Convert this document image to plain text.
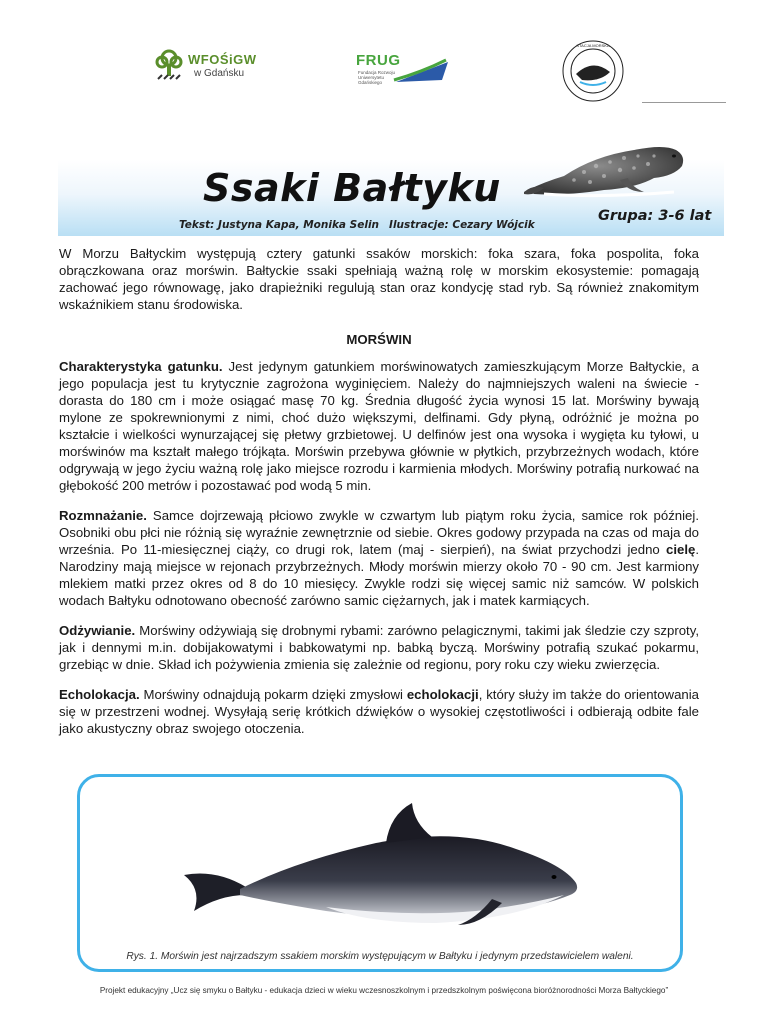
WFOŚiGW
w Gdańsku
FRUG
Fundacja Rozwoju Uniwersytetu Gdańskiego
STACJA MORSKA
Ssaki Bałtyku
Tekst: Justyna Kapa, Monika Selin Ilustracje: Cezary Wójcik
Grupa: 3-6 lat

W Morzu Bałtyckim występują cztery gatunki ssaków morskich: foka szara, foka pospolita, foka obrączkowana oraz morświn. Bałtyckie ssaki spełniają ważną rolę w morskim ekosystemie: pomagają zachować jego równowagę, jako drapieżniki regulują stan oraz kondycję stad ryb. Są również znakomitym wskaźnikiem stanu środowiska.

MORŚWIN

Charakterystyka gatunku. Jest jedynym gatunkiem morświnowatych zamieszkującym Morze Bałtyckie, a jego populacja jest tu krytycznie zagrożona wyginięciem. Należy do najmniejszych waleni na świecie - dorasta do 180 cm i może osiągać masę 70 kg. Średnia długość życia wynosi 15 lat. Morświny bywają mylone ze spokrewnionymi z nimi, choć dużo większymi, delfinami. Gdy płyną, odróżnić je można po kształcie i wielkości wynurzającej się płetwy grzbietowej. U delfinów jest ona wysoka i wygięta ku tyłowi, u morświnów ma kształt małego trójkąta. Morświn przebywa głównie w płytkich, przybrzeżnych wodach, które odgrywają w jego życiu ważną rolę jako miejsce rozrodu i karmienia młodych. Morświny potrafią nurkować na głębokość 200 metrów i pozostawać pod wodą 5 min.

Rozmnażanie. Samce dojrzewają płciowo zwykle w czwartym lub piątym roku życia, samice rok później. Osobniki obu płci nie różnią się wyraźnie zewnętrznie od siebie. Okres godowy przypada na czas od maja do września. Po 11-miesięcznej ciąży, co drugi rok, latem (maj - sierpień), na świat przychodzi jedno cielę. Narodziny mają miejsce w rejonach przybrzeżnych. Młody morświn mierzy około 70 - 90 cm. Jest karmiony mlekiem matki przez okres od 8 do 10 miesięcy. Zwykle rodzi się więcej samic niż samców. W polskich wodach Bałtyku odnotowano obecność zarówno samic ciężarnych, jak i matek karmiących.

Odżywianie. Morświny odżywiają się drobnymi rybami: zarówno pelagicznymi, takimi jak śledzie czy szproty, jak i dennymi m.in. dobijakowatymi i babkowatymi np. babką byczą. Morświny potrafią szukać pokarmu, grzebiąc w dnie. Skład ich pożywienia zmienia się zależnie od regionu, pory roku czy wieku zwierzęcia.

Echolokacja. Morświny odnajdują pokarm dzięki zmysłowi echolokacji, który służy im także do orientowania się w przestrzeni wodnej. Wysyłają serię krótkich dźwięków o wysokiej częstotliwości i odbierają odbite fale jako akustyczny obraz swojego otoczenia.

Rys. 1. Morświn jest najrzadszym ssakiem morskim występującym w Bałtyku i jedynym przedstawicielem waleni.
Projekt edukacyjny „Ucz się smyku o Bałtyku - edukacja dzieci w wieku wczesnoszkolnym i przedszkolnym poświęcona bioróżnorodności Morza Bałtyckiego”
